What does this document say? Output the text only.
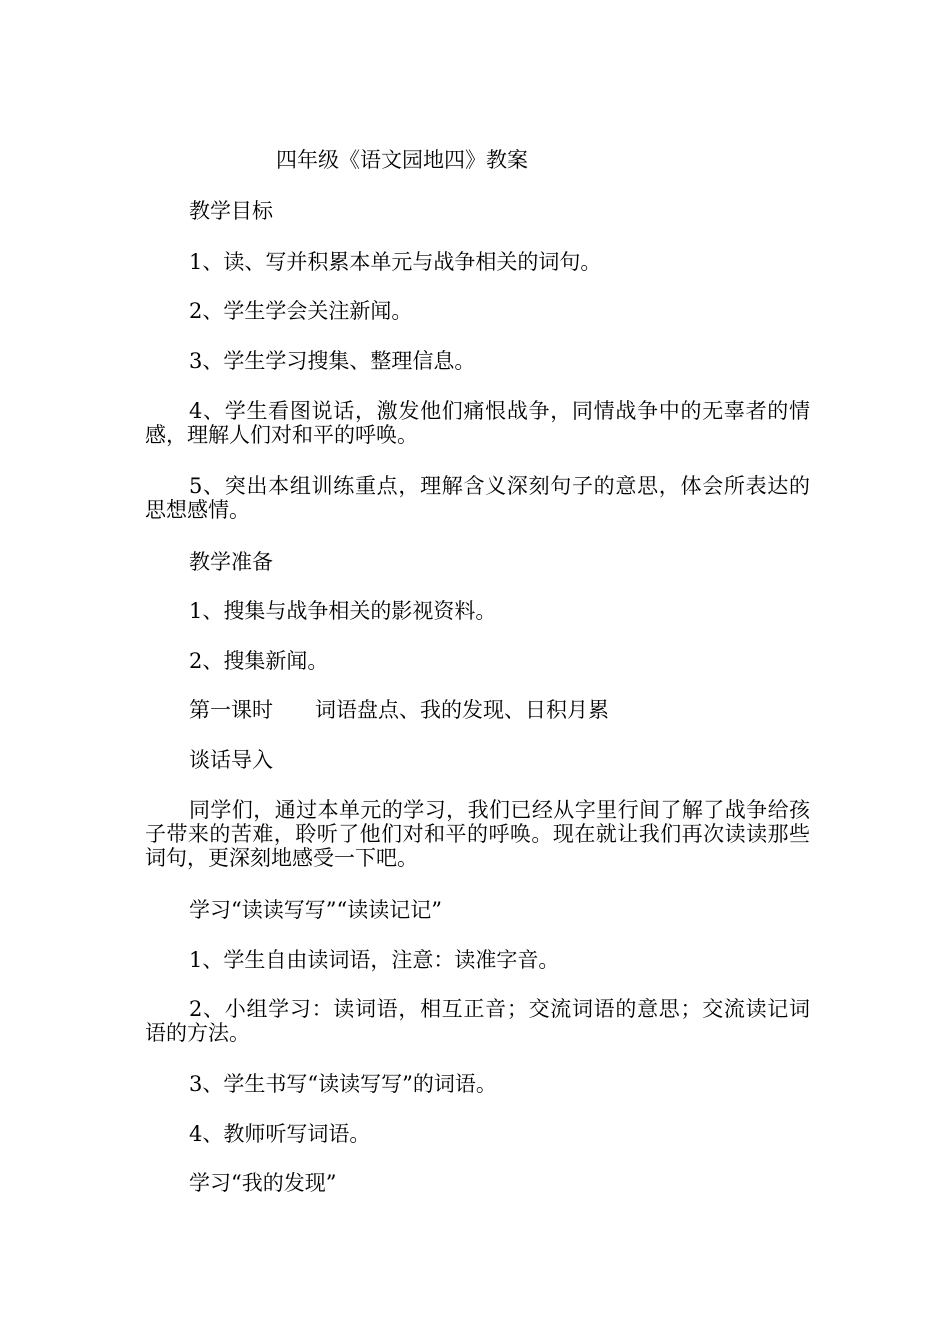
四年级《语文园地四》教案

教学目标

1、读、写并积累本单元与战争相关的词句。

2、学生学会关注新闻。

3、学生学习搜集、整理信息。

4、学生看图说话，激发他们痛恨战争，同情战争中的无辜者的情感，理解人们对和平的呼唤。

5、突出本组训练重点，理解含义深刻句子的意思，体会所表达的思想感情。

教学准备

1、搜集与战争相关的影视资料。

2、搜集新闻。

第一课时 词语盘点、我的发现、日积月累

谈话导入

同学们，通过本单元的学习，我们已经从字里行间了解了战争给孩子带来的苦难，聆听了他们对和平的呼唤。现在就让我们再次读读那些词句，更深刻地感受一下吧。

学习“读读写写”“读读记记”

1、学生自由读词语，注意：读准字音。

2、小组学习：读词语，相互正音；交流词语的意思；交流读记词语的方法。

3、学生书写“读读写写”的词语。

4、教师听写词语。

学习“我的发现”
